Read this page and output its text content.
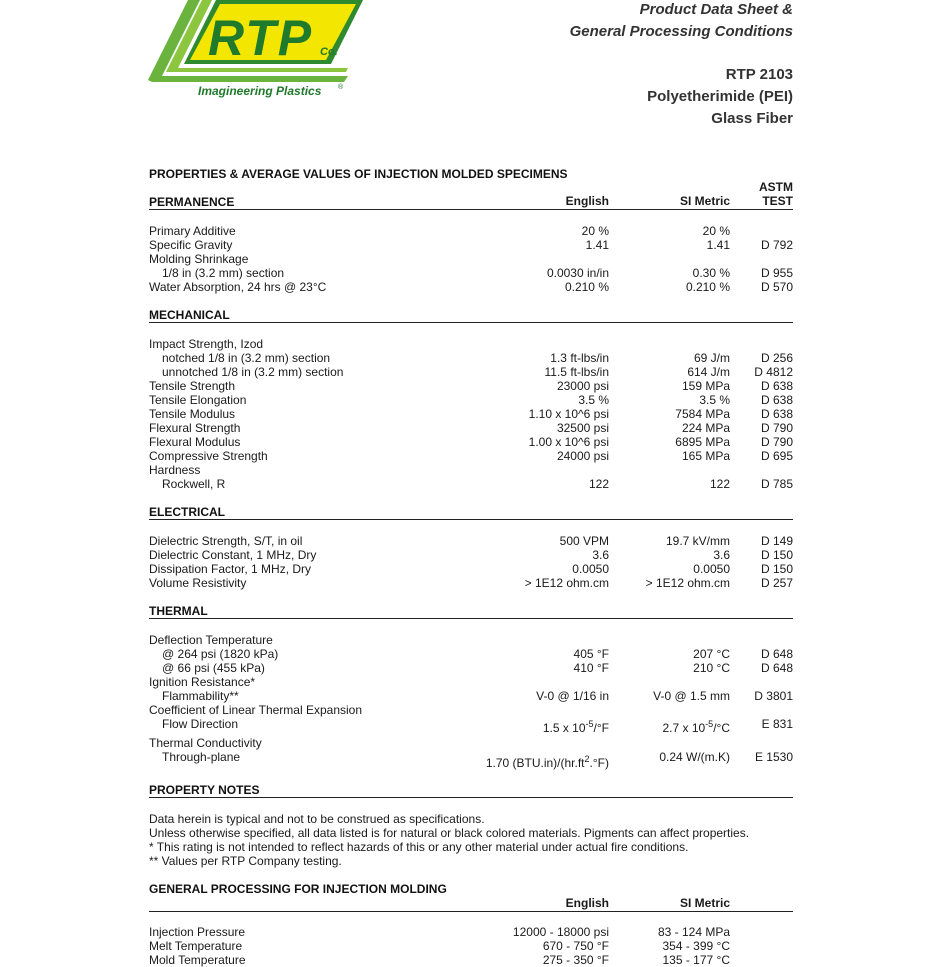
RTP Co.
Imagineering Plastics ®
Product Data Sheet &
General Processing Conditions
RTP 2103
Polyetherimide (PEI)
Glass Fiber
PROPERTIES & AVERAGE VALUES OF INJECTION MOLDED SPECIMENS
ASTM
TEST
English	SI Metric
PERMANENCE
Primary Additive	20 %	20 %
Specific Gravity	1.41	1.41	D 792
Molding Shrinkage
1/8 in (3.2 mm) section	0.0030 in/in	0.30 %	D 955
Water Absorption, 24 hrs @ 23°C	0.210 %	0.210 %	D 570
MECHANICAL
Impact Strength, Izod
notched 1/8 in (3.2 mm) section	1.3 ft-lbs/in	69 J/m	D 256
unnotched 1/8 in (3.2 mm) section	11.5 ft-lbs/in	614 J/m D 4812
Tensile Strength	23000 psi	159 MPa	D 638
Tensile Elongation	3.5 %	3.5 %	D 638
Tensile Modulus	1.10 x 10^6 psi	7584 MPa	D 638
Flexural Strength	32500 psi	224 MPa	D 790
Flexural Modulus	1.00 x 10^6 psi	6895 MPa	D 790
Compressive Strength	24000 psi	165 MPa	D 695
Hardness
Rockwell, R	122	122	D 785
ELECTRICAL
Dielectric Strength, S/T, in oil	500 VPM	19.7 kV/mm	D 149
Dielectric Constant, 1 MHz, Dry	3.6	3.6	D 150
Dissipation Factor, 1 MHz, Dry	0.0050	0.0050	D 150
Volume Resistivity	> 1E12 ohm.cm	> 1E12 ohm.cm	D 257
THERMAL
Deflection Temperature
@ 264 psi (1820 kPa)	405 °F	207 °C	D 648
@ 66 psi (455 kPa)	410 °F	210 °C	D 648
Ignition Resistance*
Flammability**	V-0 @ 1/16 in	V-0 @ 1.5 mm D 3801
Coefficient of Linear Thermal Expansion
Flow Direction	1.5 x $10^{-5}/^\circ F$	2.7 x $10^{-5}/^\circ C$	E 831
Thermal Conductivity
Through-plane	1.70 $(BTU.in)/(hr.ft^2.^\circ F)$	0.24 W/(m.K) E 1530
PROPERTY NOTES
Data herein is typical and not to be construed as specifications.
Unless otherwise specified, all data listed is for natural or black colored materials. Pigments can affect properties.
* This rating is not intended to reflect hazards of this or any other material under actual fire conditions.
** Values per RTP Company testing.
GENERAL PROCESSING FOR INJECTION MOLDING
English	SI Metric
Injection Pressure	12000 - 18000 psi	83 - 124 MPa
Melt Temperature	670 - 750 °F	354 - 399 °C
Mold Temperature	275 - 350 °F	135 - 177 °C
